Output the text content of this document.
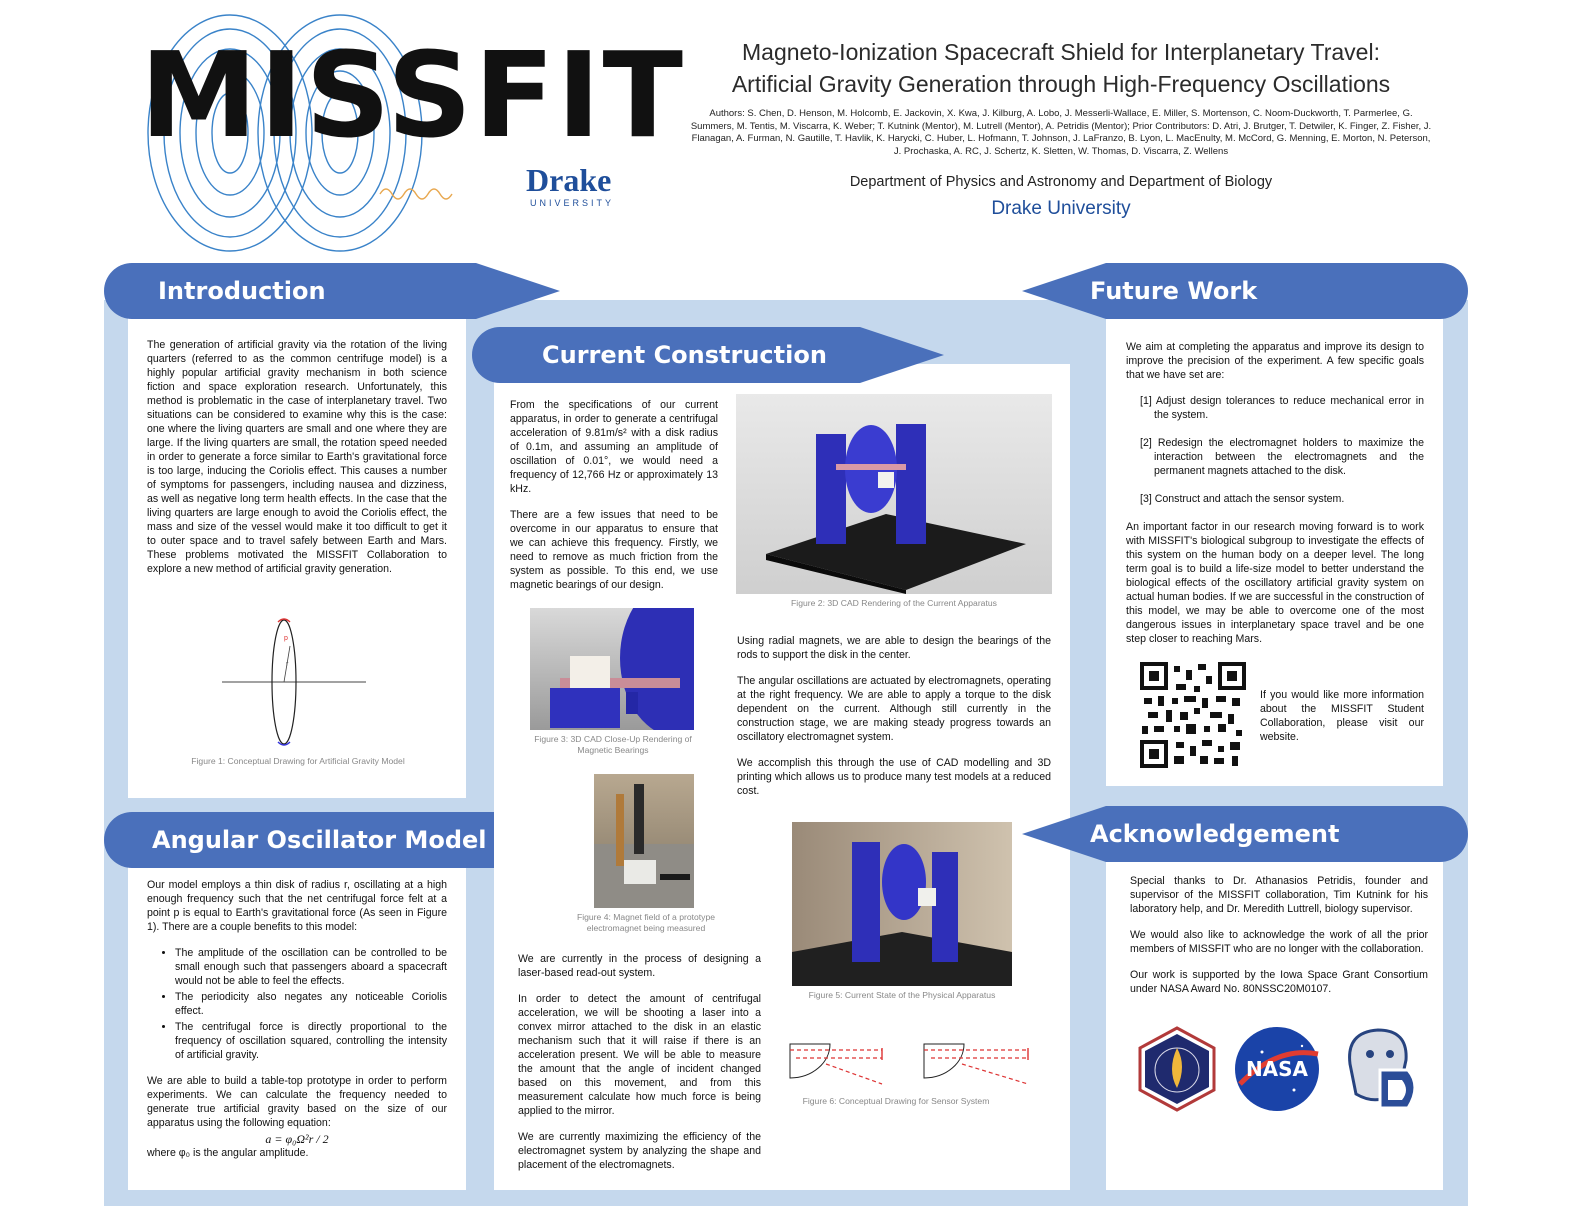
MISSFIT
Drake
UNIVERSITY
Magneto-Ionization Spacecraft Shield for Interplanetary Travel:
Artificial Gravity Generation through High-Frequency Oscillations
Authors: S. Chen, D. Henson, M. Holcomb, E. Jackovin, X. Kwa, J. Kilburg, A. Lobo, J. Messerli-Wallace, E. Miller, S. Mortenson, C. Noom-Duckworth, T. Parmerlee, G. Summers, M. Tentis, M. Viscarra, K. Weber; T. Kutnink (Mentor), M. Lutrell (Mentor), A. Petridis (Mentor); Prior Contributors: D. Atri, J. Brutger, T. Detwiler, K. Finger, Z. Fisher, J. Flanagan, A. Furman, N. Gautille, T. Havlik, K. Harycki, C. Huber, L. Hofmann, T. Johnson, J. LaFranzo, B. Lyon, L. MacEnulty, M. McCord, G. Menning, E. Morton, N. Peterson, J. Prochaska, A. RC, J. Schertz, K. Sletten, W. Thomas, D. Viscarra, Z. Wellens
Department of Physics and Astronomy and Department of Biology
Drake University
Introduction

The generation of artificial gravity via the rotation of the living quarters (referred to as the common centrifuge model) is a highly popular artificial gravity mechanism in both science fiction and space exploration research. Unfortunately, this method is problematic in the case of interplanetary travel. Two situations can be considered to examine why this is the case: one where the living quarters are small and one where they are large. If the living quarters are small, the rotation speed needed in order to generate a force similar to Earth's gravitational force is too large, inducing the Coriolis effect. This causes a number of symptoms for passengers, including nausea and dizziness, as well as negative long term health effects. In the case that the living quarters are large enough to avoid the Coriolis effect, the mass and size of the vessel would make it too difficult to get it to outer space and to travel safely between Earth and Mars. These problems motivated the MISSFIT Collaboration to explore a new method of artificial gravity generation.

p
r
Figure 1: Conceptual Drawing for Artificial Gravity Model
Angular Oscillator Model

Our model employs a thin disk of radius r, oscillating at a high enough frequency such that the net centrifugal force felt at a point p is equal to Earth's gravitational force (As seen in Figure 1). There are a couple benefits to this model:

• The amplitude of the oscillation can be controlled to be small enough such that passengers aboard a spacecraft would not be able to feel the effects.
• The periodicity also negates any noticeable Coriolis effect.
• The centrifugal force is directly proportional to the frequency of oscillation squared, controlling the intensity of artificial gravity.

We are able to build a table-top prototype in order to perform experiments. We can calculate the frequency needed to generate true artificial gravity based on the size of our apparatus using the following equation:

a = φ₀Ω²r / 2
where φ₀ is the angular amplitude.
Current Construction

From the specifications of our current apparatus, in order to generate a centrifugal acceleration of 9.81m/s² with a disk radius of 0.1m, and assuming an amplitude of oscillation of 0.01°, we would need a frequency of 12,766 Hz or approximately 13 kHz.

There are a few issues that need to be overcome in our apparatus to ensure that we can achieve this frequency. Firstly, we need to remove as much friction from the system as possible. To this end, we use magnetic bearings of our design.

Figure 2: 3D CAD Rendering of the Current Apparatus
Figure 3: 3D CAD Close-Up Rendering of Magnetic Bearings

Using radial magnets, we are able to design the bearings of the rods to support the disk in the center.

The angular oscillations are actuated by electromagnets, operating at the right frequency. We are able to apply a torque to the disk dependent on the current. Although still currently in the construction stage, we are making steady progress towards an oscillatory electromagnet system.

We accomplish this through the use of CAD modelling and 3D printing which allows us to produce many test models at a reduced cost.

Figure 4: Magnet field of a prototype electromagnet being measured

We are currently in the process of designing a laser-based read-out system.

In order to detect the amount of centrifugal acceleration, we will be shooting a laser into a convex mirror attached to the disk in an elastic mechanism such that it will raise if there is an acceleration present. We will be able to measure the amount that the angle of incident changed based on this movement, and from this measurement calculate how much force is being applied to the mirror.

We are currently maximizing the efficiency of the electromagnet system by analyzing the shape and placement of the electromagnets.

Figure 5: Current State of the Physical Apparatus
Figure 6: Conceptual Drawing for Sensor System
Future Work

We aim at completing the apparatus and improve its design to improve the precision of the experiment. A few specific goals that we have set are:

[1] Adjust design tolerances to reduce mechanical error in the system.
[2] Redesign the electromagnet holders to maximize the interaction between the electromagnets and the permanent magnets attached to the disk.
[3] Construct and attach the sensor system.

An important factor in our research moving forward is to work with MISSFIT's biological subgroup to investigate the effects of this system on the human body on a deeper level. The long term goal is to build a life-size model to better understand the biological effects of the oscillatory artificial gravity system on actual human bodies. If we are successful in the construction of this model, we may be able to overcome one of the most dangerous issues in interplanetary space travel and be one step closer to reaching Mars.

If you would like more information about the MISSFIT Student Collaboration, please visit our website.
Acknowledgement

Special thanks to Dr. Athanasios Petridis, founder and supervisor of the MISSFIT collaboration, Tim Kutnink for his laboratory help, and Dr. Meredith Luttrell, biology supervisor.

We would also like to acknowledge the work of all the prior members of MISSFIT who are no longer with the collaboration.

Our work is supported by the Iowa Space Grant Consortium under NASA Award No. 80NSSC20M0107.

NASA
